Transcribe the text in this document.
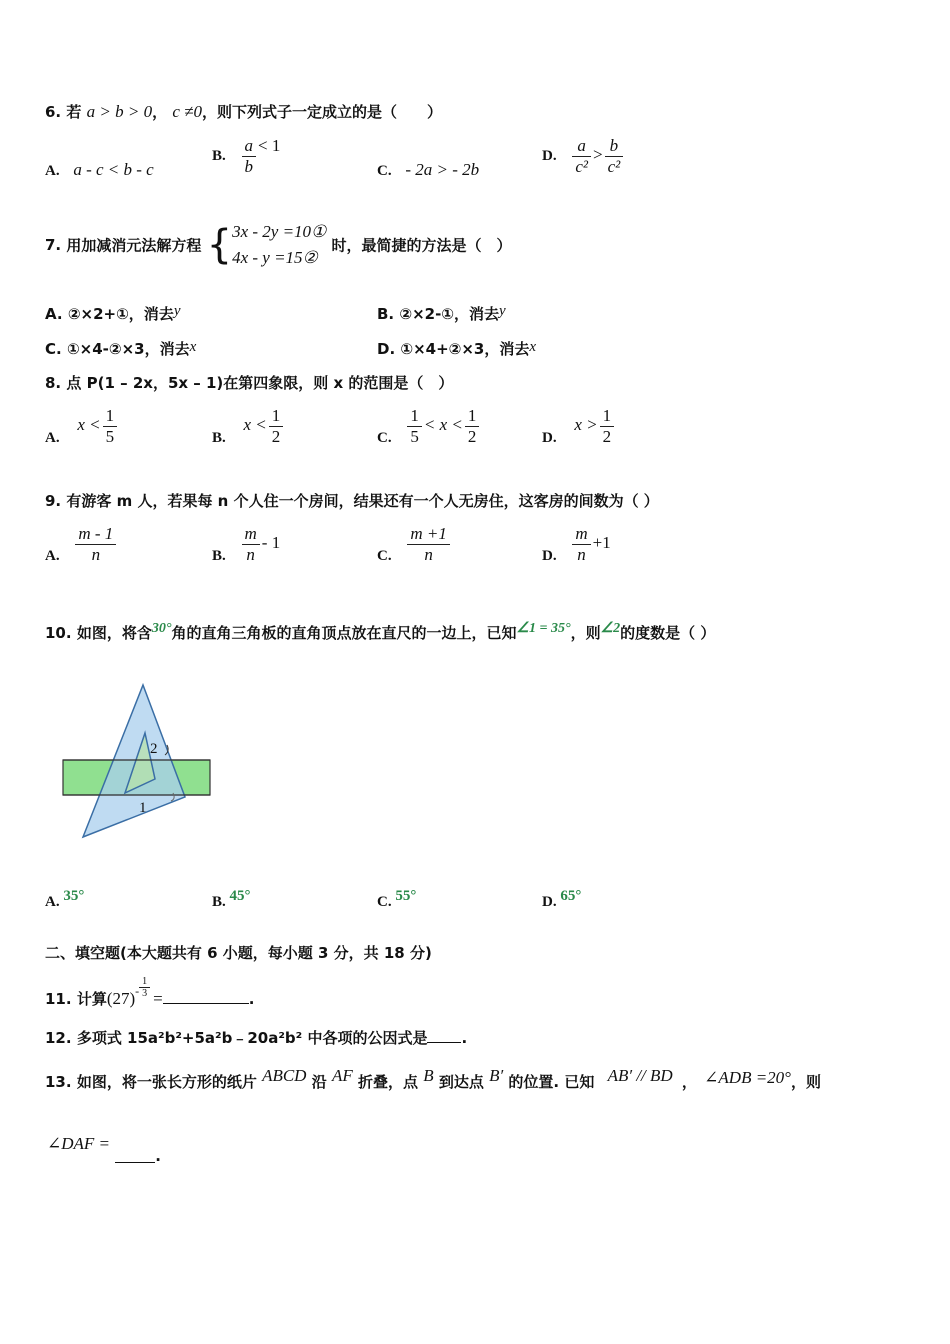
6. 若 a > b > 0， c ≠0，则下列式子一定成立的是（　　）
A. a - c < b - c
B. $\frac{a}{b} < 1$
C. - 2a > - 2b
D. $\frac{a}{\text{c²}} > \frac{b}{\text{c²}}$
7. 用加减消元法解方程 { 3x - 2y =10①
4x - y =15②
时，最简捷的方法是（　）
A. ②×2+①，消去y	B. ②×2-①，消去y
C. ①×4-②×3，消去x	D. ①×4+②×3，消去x
8. 点 P(1 – 2x，5x – 1)在第四象限，则 x 的范围是（　）
A. $x < \frac{1}{5}$	B. $x < \frac{1}{2}$	C. $\frac{1}{5} < x < \frac{1}{2}$	D. $x > \frac{1}{2}$
9. 有游客 m 人，若果每 n 个人住一个房间，结果还有一个人无房住，这客房的间数为（ ）
A. $\frac{m - 1}{n}$	B. $\frac{m}{n} - 1$
C. $\frac{m +1}{n}$	D. $\frac{m}{n} +1$
10. 如图，将含30°角的直角三角板的直角顶点放在直尺的一边上，已知∠1 = 35°，则∠2的度数是（ ）
2
1
A. 35°	B. 45°	C. 55°	D. 65°
二、填空题(本大题共有 6 小题，每小题 3 分，共 18 分)
11. 计算$(27)^- \frac{1}{3}$ =	.
12. 多项式 15a²b²+5a²b﹣20a²b² 中各项的公因式是 .
13. 如图，将一张长方形的纸片 ABCD 沿 AF 折叠，点 B 到达点 B′ 的位置. 已知 AB′ // BD ， ∠ADB =20°，则
∠DAF = .
